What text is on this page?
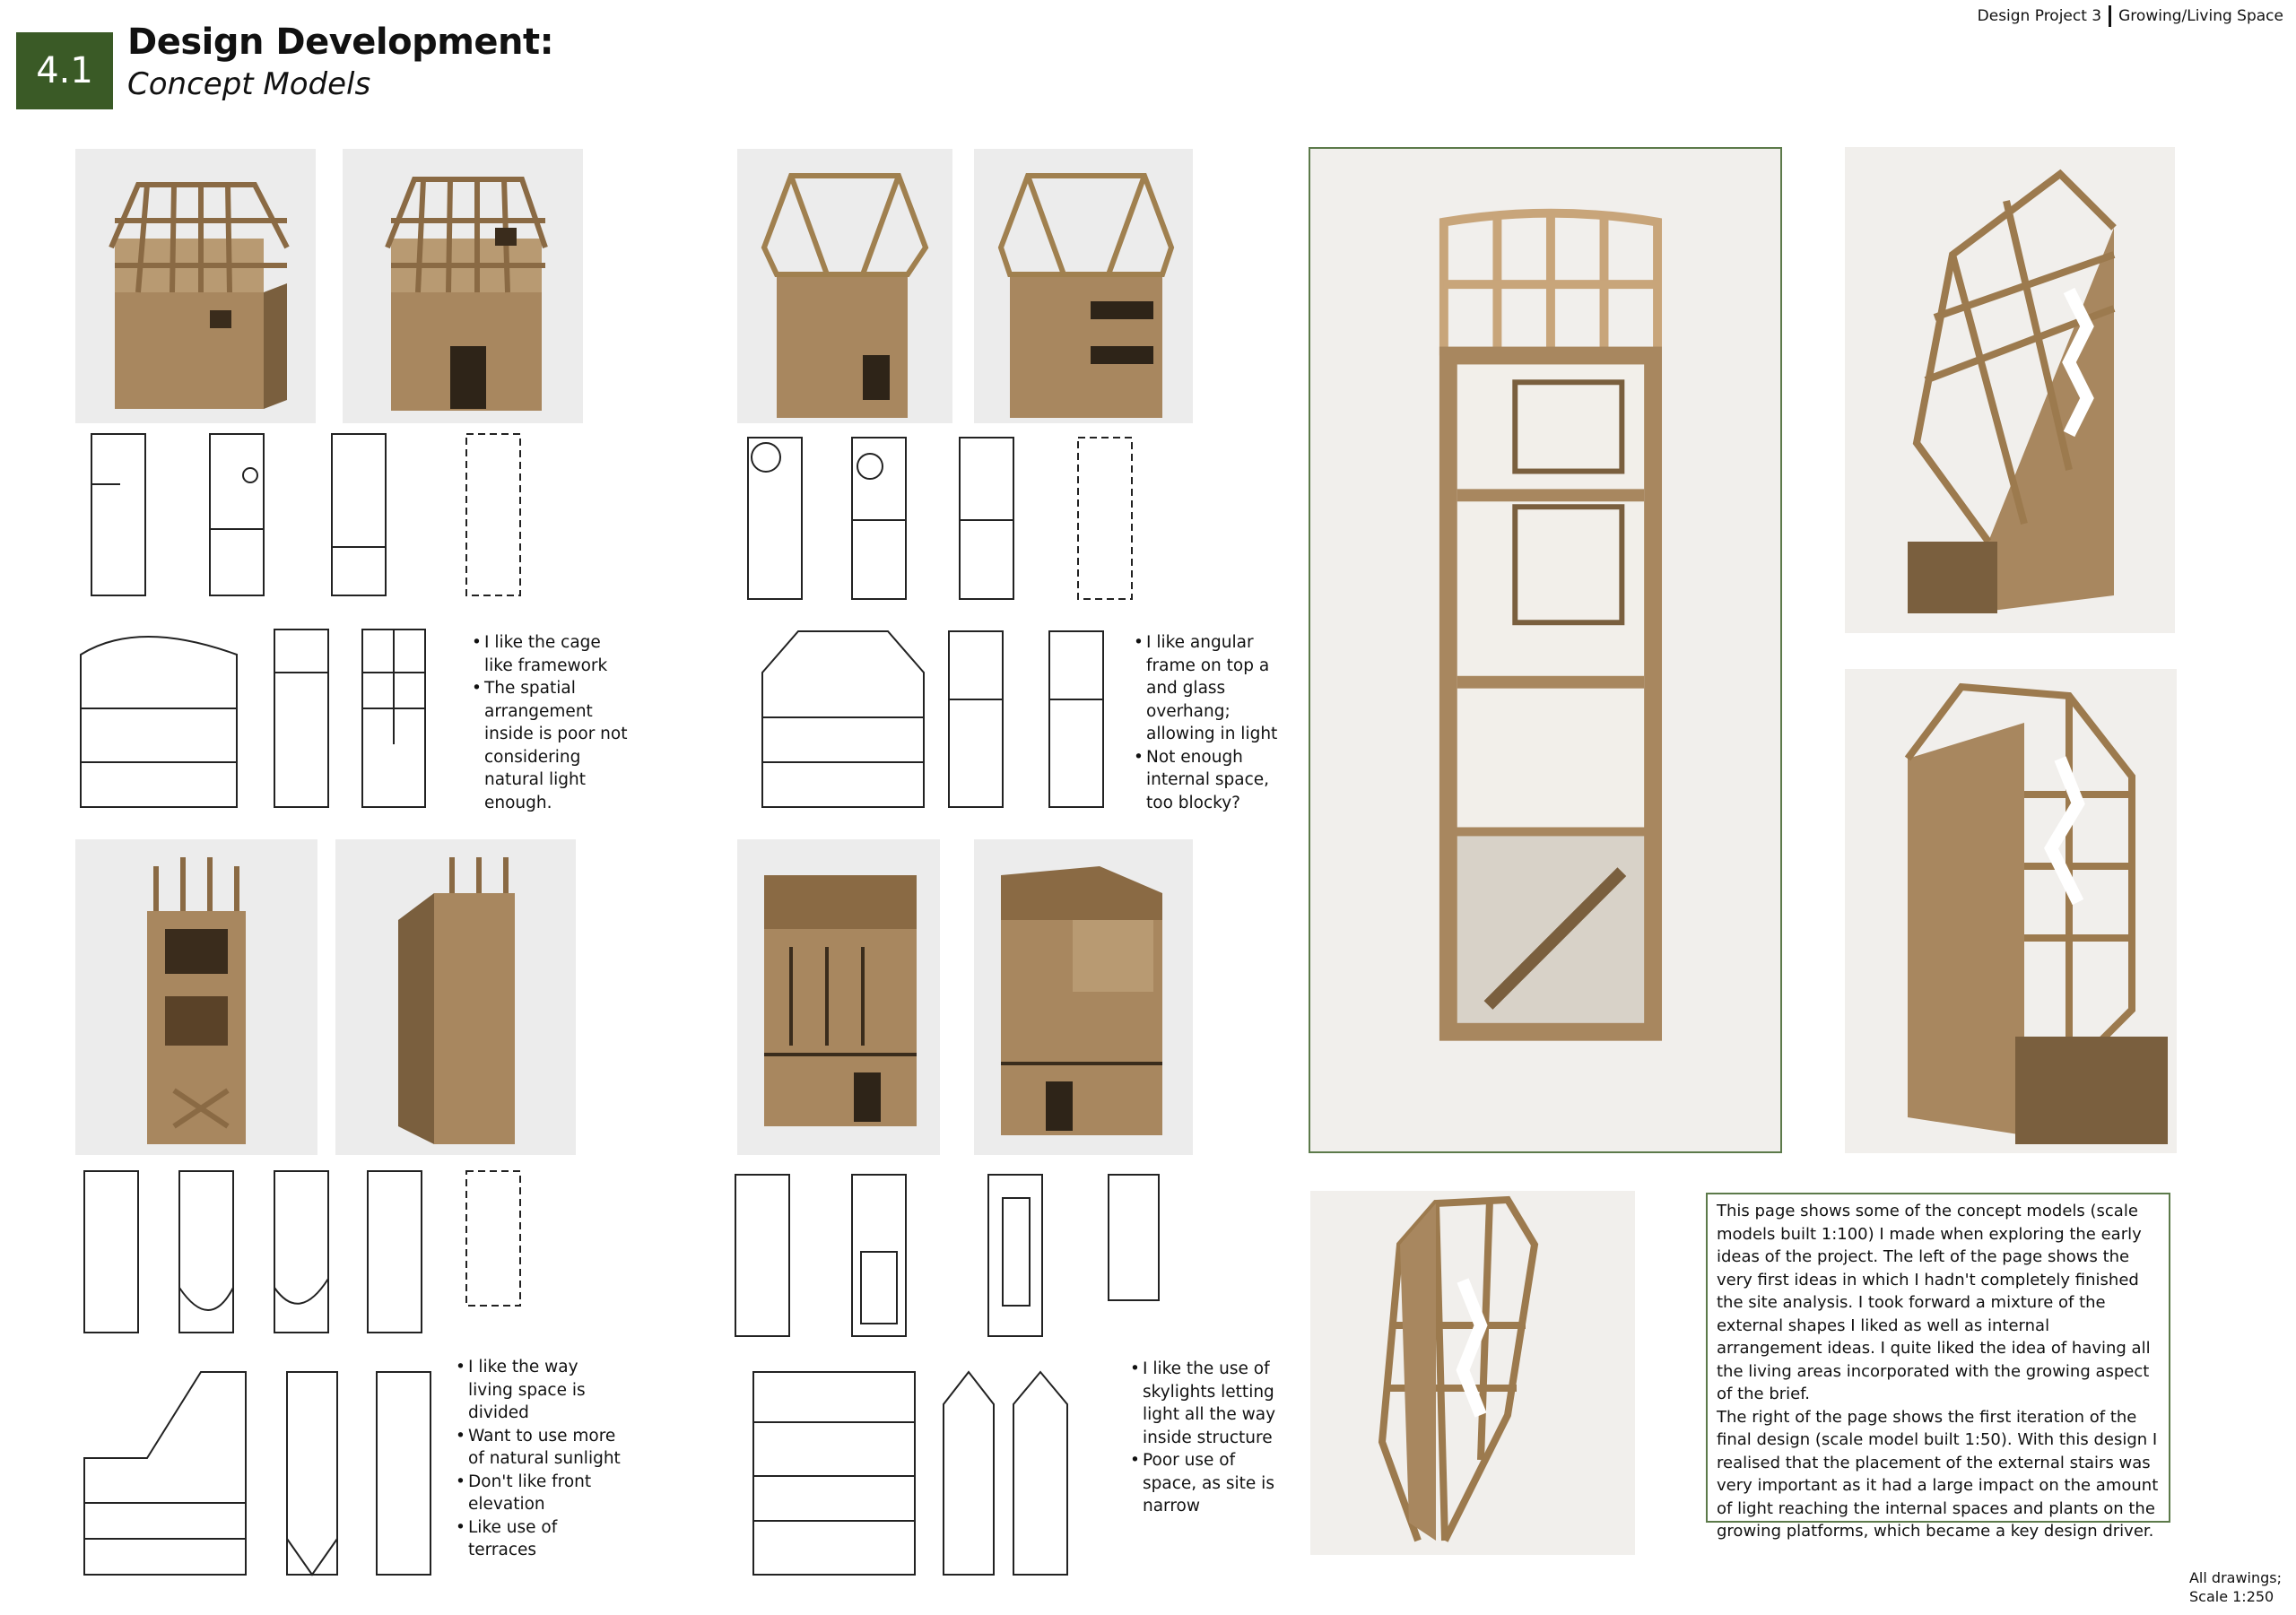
4.1
Design Development:
Concept Models
Design Project 3 Growing/Living Space
• I like the cage like framework
• The spatial arrangement inside is poor not considering natural light enough.
• I like angular frame on top a and glass overhang; allowing in light
• Not enough internal space, too blocky?
• I like the way living space is divided
• Want to use more of natural sunlight
• Don't like front elevation
• Like use of terraces
• I like the use of skylights letting light all the way inside structure
• Poor use of space, as site is narrow

This page shows some of the concept models (scale models built 1:100) I made when exploring the early ideas of the project. The left of the page shows the very first ideas in which I hadn't completely finished the site analysis. I took forward a mixture of the external shapes I liked as well as internal arrangement ideas. I quite liked the idea of having all the living areas incorporated with the growing aspect of the brief.

The right of the page shows the first iteration of the final design (scale model built 1:50). With this design I realised that the placement of the external stairs was very important as it had a large impact on the amount of light reaching the internal spaces and plants on the growing platforms, which became a key design driver.

All drawings;
Scale 1:250
